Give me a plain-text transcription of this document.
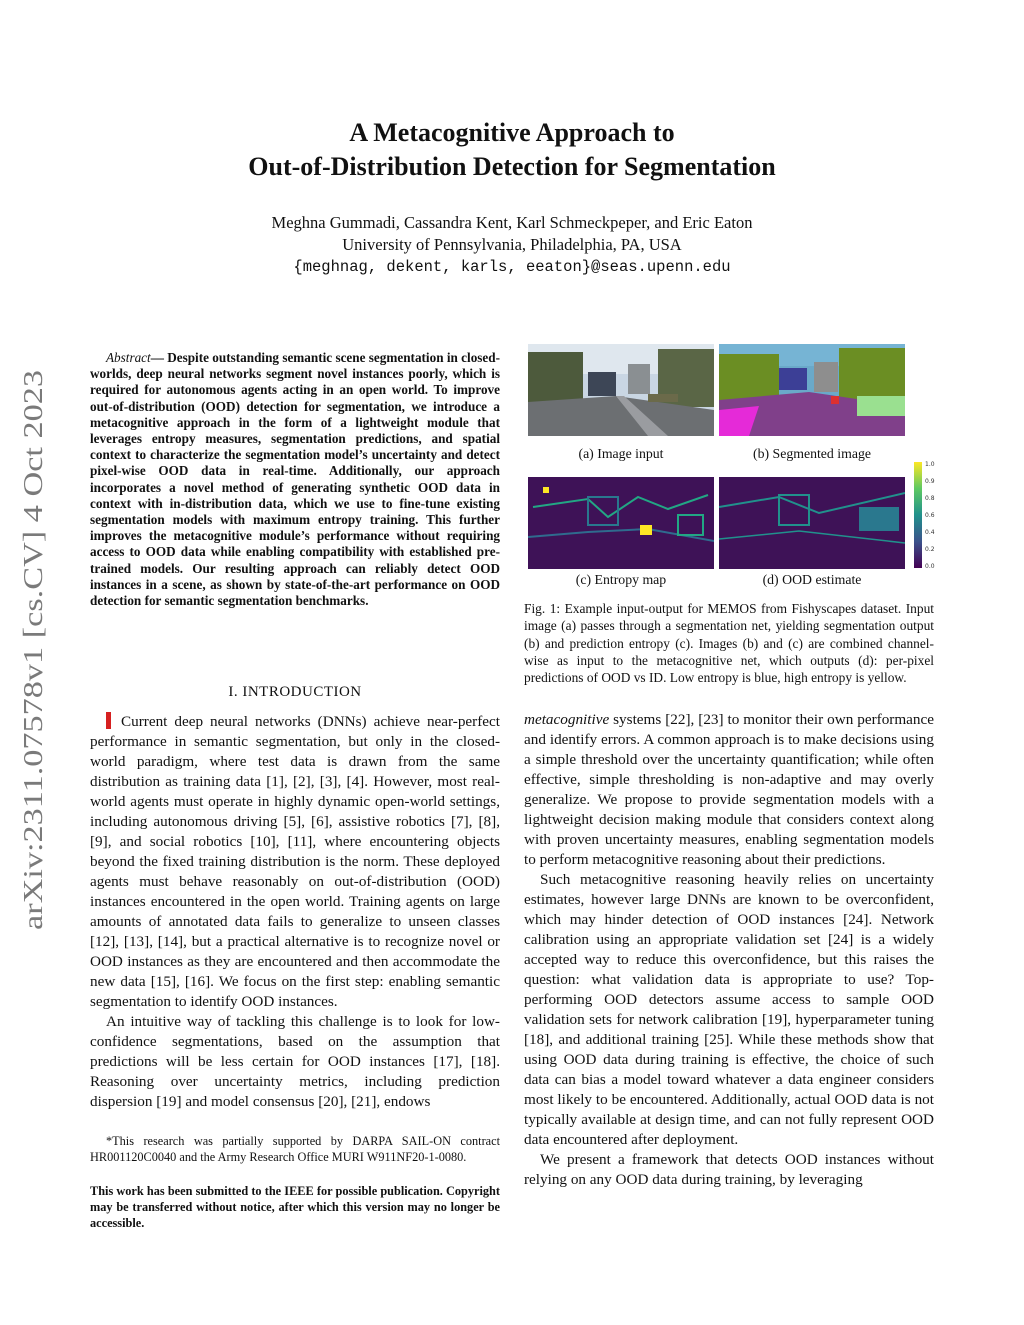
arXiv:2311.07578v1 [cs.CV] 4 Oct 2023
A Metacognitive Approach to
Out-of-Distribution Detection for Segmentation
Meghna Gummadi, Cassandra Kent, Karl Schmeckpeper, and Eric Eaton
University of Pennsylvania, Philadelphia, PA, USA
{meghnag, dekent, karls, eeaton}@seas.upenn.edu
Abstract— Despite outstanding semantic scene segmentation in closed-worlds, deep neural networks segment novel instances poorly, which is required for autonomous agents acting in an open world. To improve out-of-distribution (OOD) detection for segmentation, we introduce a metacognitive approach in the form of a lightweight module that leverages entropy measures, segmentation predictions, and spatial context to characterize the segmentation model’s uncertainty and detect pixel-wise OOD data in real-time. Additionally, our approach incorporates a novel method of generating synthetic OOD data in context with in-distribution data, which we use to fine-tune existing segmentation models with maximum entropy training. This further improves the metacognitive module’s performance without requiring access to OOD data while enabling compatibility with established pre-trained models. Our resulting approach can reliably detect OOD instances in a scene, as shown by state-of-the-art performance on OOD detection for semantic segmentation benchmarks.
I. INTRODUCTION

Current deep neural networks (DNNs) achieve near-perfect performance in semantic segmentation, but only in the closed-world paradigm, where test data is drawn from the same distribution as training data [1], [2], [3], [4]. However, most real-world agents must operate in highly dynamic open-world settings, including autonomous driving [5], [6], assistive robotics [7], [8], [9], and social robotics [10], [11], where encountering objects beyond the fixed training distribution is the norm. These deployed agents must behave reasonably on out-of-distribution (OOD) instances encountered in the open world. Training agents on large amounts of annotated data fails to generalize to unseen classes [12], [13], [14], but a practical alternative is to recognize novel or OOD instances as they are encountered and then accommodate the new data [15], [16]. We focus on the first step: enabling semantic segmentation to identify OOD instances.

An intuitive way of tackling this challenge is to look for low-confidence segmentations, based on the assumption that predictions will be less certain for OOD instances [17], [18]. Reasoning over uncertainty metrics, including prediction dispersion [19] and model consensus [20], [21], endows

*This research was partially supported by DARPA SAIL-ON contract HR001120C0040 and the Army Research Office MURI W911NF20-1-0080.
This work has been submitted to the IEEE for possible publication. Copyright may be transferred without notice, after which this version may no longer be accessible.
(a) Image input	(b) Segmented image
(c) Entropy map	(d) OOD estimate
1.0
0.9
0.8
0.6
0.4
0.2
0.0
Fig. 1: Example input-output for MEMOS from Fishyscapes dataset. Input image (a) passes through a segmentation net, yielding segmentation output (b) and prediction entropy (c). Images (b) and (c) are combined channel-wise as input to the metacognitive net, which outputs (d): per-pixel predictions of OOD vs ID. Low entropy is blue, high entropy is yellow.

metacognitive systems [22], [23] to monitor their own performance and identify errors. A common approach is to make decisions using a simple threshold over the uncertainty quantification; while often effective, simple thresholding is non-adaptive and may overly generalize. We propose to provide segmentation models with a lightweight decision making module that considers context along with proven uncertainty measures, enabling segmentation models to perform metacognitive reasoning about their predictions.

Such metacognitive reasoning heavily relies on uncertainty estimates, however large DNNs are known to be overconfident, which may hinder detection of OOD instances [24]. Network calibration using an appropriate validation set [24] is a widely accepted way to reduce this overconfidence, but this raises the question: what validation data is appropriate to use? Top-performing OOD detectors assume access to sample OOD validation sets for network calibration [19], hyperparameter tuning [18], and additional training [25]. While these methods show that using OOD data during training is effective, the choice of such data can bias a model toward whatever a data engineer considers most likely to be encountered. Additionally, actual OOD data is not typically available at design time, and can not fully represent OOD data encountered after deployment.

We present a framework that detects OOD instances without relying on any OOD data during training, by leveraging
